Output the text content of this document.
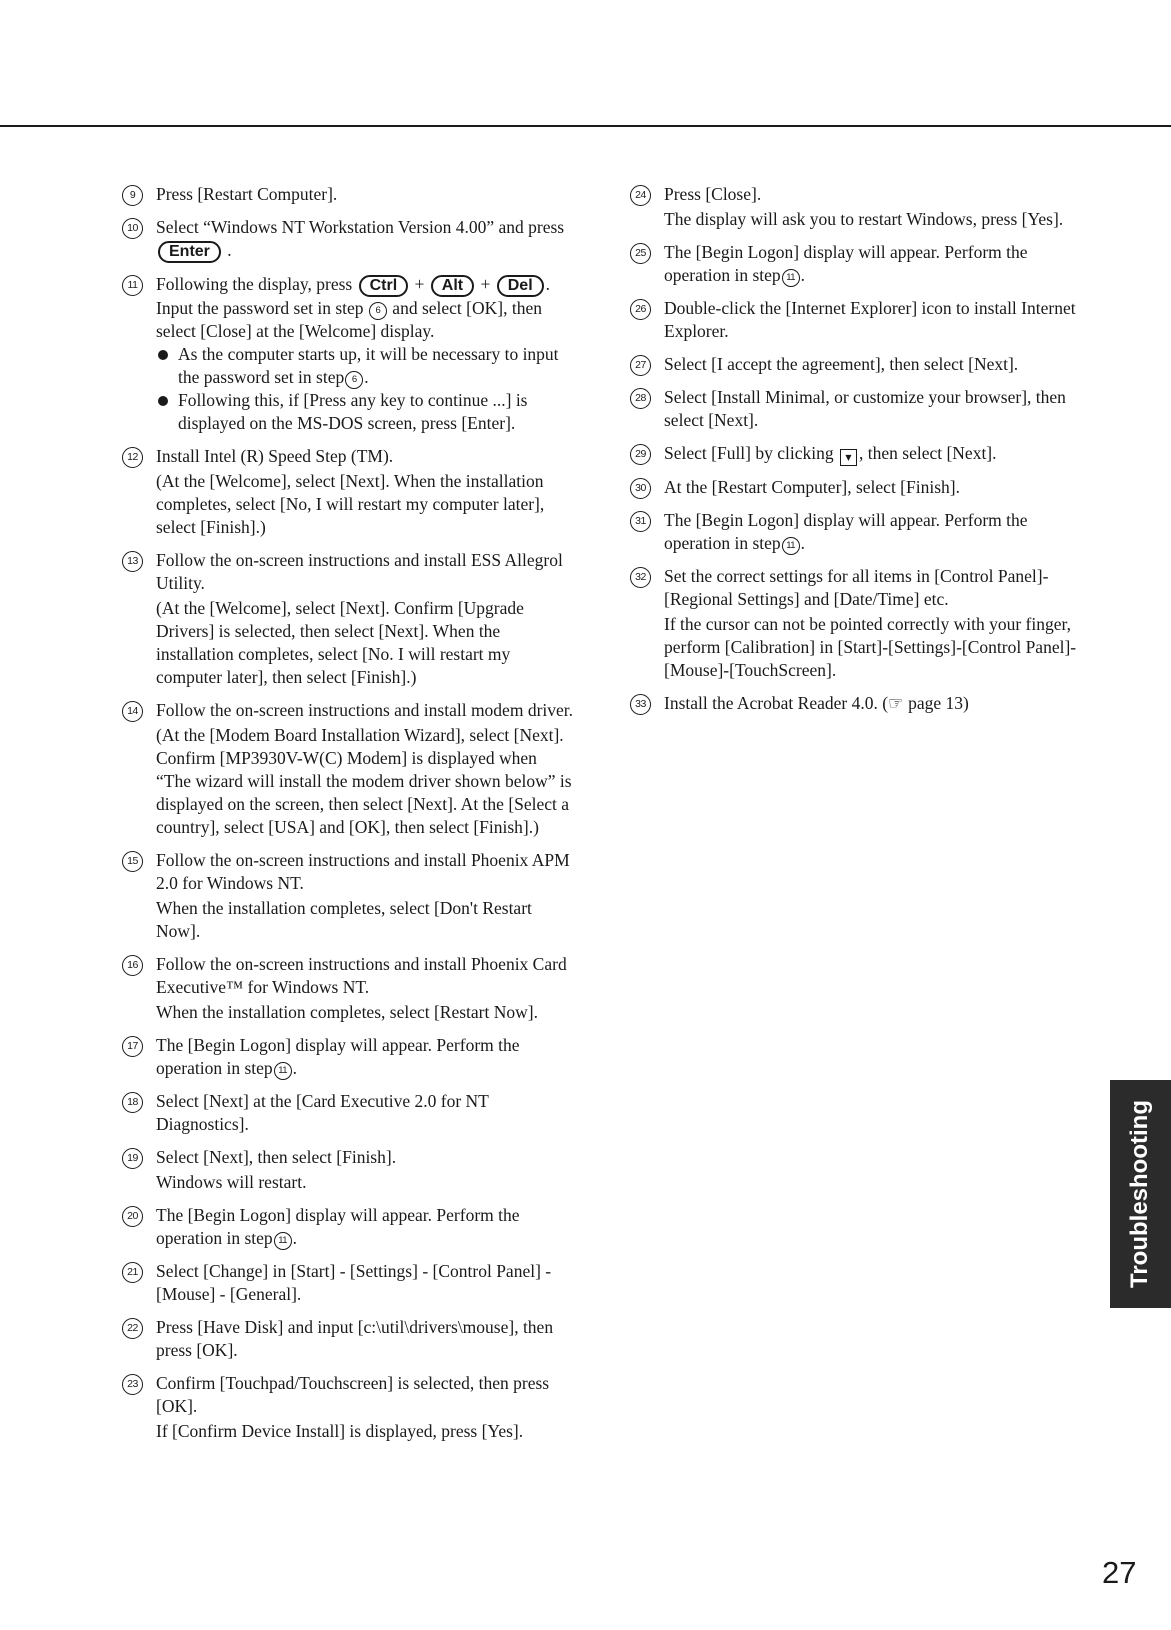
9	Press [Restart Computer].
10 Select “Windows NT Workstation Version 4.00” and press Enter .
11	Following the display, press Ctrl + Alt + Del . Input the password set in step 6 and select [OK], then select [Close] at the [Welcome] display.
As the computer starts up, it will be necessary to input the password set in step 6 .
Following this, if [Press any key to continue ...] is displayed on the MS-DOS screen, press [Enter].
12 Install Intel (R) Speed Step (TM).
(At the [Welcome], select [Next]. When the installation completes, select [No, I will restart my computer later], select [Finish].)
13 Follow the on-screen instructions and install ESS Allegrol Utility.
(At the [Welcome], select [Next]. Confirm [Upgrade Drivers] is selected, then select [Next]. When the installation completes, select [No. I will restart my computer later], then select [Finish].)
14 Follow the on-screen instructions and install modem driver.
(At the [Modem Board Installation Wizard], select [Next]. Confirm [MP3930V-W(C) Modem] is displayed when “The wizard will install the modem driver shown below” is displayed on the screen, then select [Next]. At the [Select a country], select [USA] and [OK], then select [Finish].)
15 Follow the on-screen instructions and install Phoenix APM 2.0 for Windows NT.
When the installation completes, select [Don't Restart Now].
16 Follow the on-screen instructions and install Phoenix Card Executive™ for Windows NT.
When the installation completes, select [Restart Now].
17 The [Begin Logon] display will appear. Perform the operation in step 11 .
18 Select [Next] at the [Card Executive 2.0 for NT Diagnostics].
19 Select [Next], then select [Finish].
Windows will restart.
20 The [Begin Logon] display will appear. Perform the operation in step 11 .
21 Select [Change] in [Start] - [Settings] - [Control Panel] - [Mouse] - [General].
22 Press [Have Disk] and input [c:\util\drivers\mouse], then press [OK].
23 Confirm [Touchpad/Touchscreen] is selected, then press [OK].
If [Confirm Device Install] is displayed, press [Yes].
24 Press [Close].
The display will ask you to restart Windows, press [Yes].
25 The [Begin Logon] display will appear. Perform the operation in step 11 .
26 Double-click the [Internet Explorer] icon to install Internet Explorer.
27 Select [I accept the agreement], then select [Next].
28 Select [Install Minimal, or customize your browser], then select [Next].
29 Select [Full] by clicking ▼ , then select [Next].
30 At the [Restart Computer], select [Finish].
31 The [Begin Logon] display will appear. Perform the operation in step 11 .
32 Set the correct settings for all items in [Control Panel]-[Regional Settings] and [Date/Time] etc.
If the cursor can not be pointed correctly with your finger, perform [Calibration] in [Start]-[Settings]-[Control Panel]-[Mouse]-[TouchScreen].
33 Install the Acrobat Reader 4.0. (☞ page 13)
Troubleshooting
27
